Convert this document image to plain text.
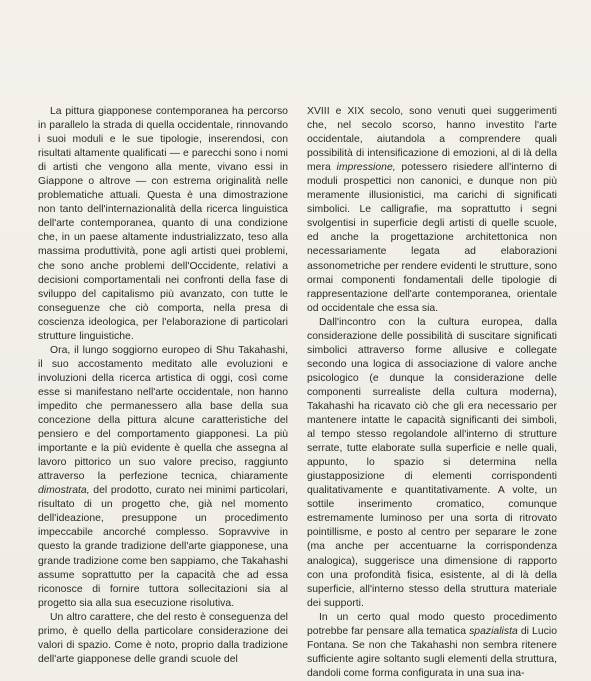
La pittura giapponese contemporanea ha percorso in parallelo la strada di quella occidentale, rinnovando i suoi moduli e le sue tipologie, inserendosi, con risultati altamente qualificati — e parecchi sono i nomi di artisti che vengono alla mente, vivano essi in Giappone o altrove — con estrema originalità nelle problematiche attuali. Questa è una dimostrazione non tanto dell'internazionalità della ricerca linguistica dell'arte contemporanea, quanto di una condizione che, in un paese altamente industrializzato, teso alla massima produttività, pone agli artisti quei problemi, che sono anche problemi dell'Occidente, relativi a decisioni comportamentali nei confronti della fase di sviluppo del capitalismo più avanzato, con tutte le conseguenze che ciò comporta, nella presa di coscienza ideologica, per l'elaborazione di particolari strutture linguistiche.

Ora, il lungo soggiorno europeo di Shu Takahashi, il suo accostamento meditato alle evoluzioni e involuzioni della ricerca artistica di oggi, così come esse si manifestano nell'arte occidentale, non hanno impedito che permanessero alla base della sua concezione della pittura alcune caratteristiche del pensiero e del comportamento giapponesi. La più importante e la più evidente è quella che assegna al lavoro pittorico un suo valore preciso, raggiunto attraverso la perfezione tecnica, chiaramente dimostrata, del prodotto, curato nei minimi particolari, risultato di un progetto che, già nel momento dell'ideazione, presuppone un procedimento impeccabile ancorché complesso. Sopravvive in questo la grande tradizione dell'arte giapponese, una grande tradizione come ben sappiamo, che Takahashi assume soprattutto per la capacità che ad essa riconosce di fornire tuttora sollecitazioni sia al progetto sia alla sua esecuzione risolutiva.

Un altro carattere, che del resto è conseguenza del primo, è quello della particolare considerazione dei valori di spazio. Come è noto, proprio dalla tradizione dell'arte giapponese delle grandi scuole del

XVIII e XIX secolo, sono venuti quei suggerimenti che, nel secolo scorso, hanno investito l'arte occidentale, aiutandola a comprendere quali possibilità di intensificazione di emozioni, al di là della mera impressione, potessero risiedere all'interno di moduli prospettici non canonici, e dunque non più meramente illusionistici, ma carichi di significati simbolici. Le calligrafie, ma soprattutto i segni svolgentisi in superficie degli artisti di quelle scuole, ed anche la progettazione architettonica non necessariamente legata ad elaborazioni assonometriche per rendere evidenti le strutture, sono ormai componenti fondamentali delle tipologie di rappresentazione dell'arte contemporanea, orientale od occidentale che essa sia.

Dall'incontro con la cultura europea, dalla considerazione delle possibilità di suscitare significati simbolici attraverso forme allusive e collegate secondo una logica di associazione di valore anche psicologico (e dunque la considerazione delle componenti surrealiste della cultura moderna), Takahashi ha ricavato ciò che gli era necessario per mantenere intatte le capacità significanti dei simboli, al tempo stesso regolandole all'interno di strutture serrate, tutte elaborate sulla superficie e nelle quali, appunto, lo spazio si determina nella giustapposizione di elementi corrispondenti qualitativamente e quantitativamente. A volte, un sottile inserimento cromatico, comunque estremamente luminoso per una sorta di ritrovato pointillisme, e posto al centro per separare le zone (ma anche per accentuarne la corrispondenza analogica), suggerisce una dimensione di rapporto con una profondità fisica, esistente, al di là della superficie, all'interno stesso della struttura materiale dei supporti.

In un certo qual modo questo procedimento potrebbe far pensare alla tematica spazialista di Lucio Fontana. Se non che Takahashi non sembra ritenere sufficiente agire soltanto sugli elementi della struttura, dandoli come forma configurata in una sua ina-
